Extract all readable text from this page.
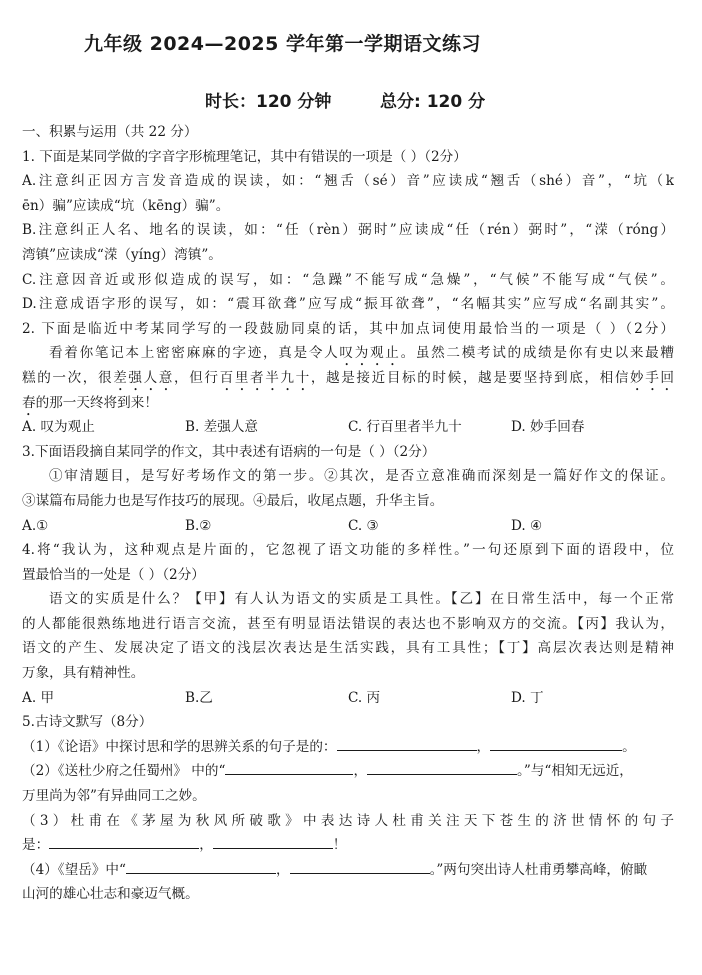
九年级 2024—2025 学年第一学期语文练习
时长：120 分钟	总分: 120 分
一、积累与运用（共 22 分）
1. 下面是某同学做的字音字形梳理笔记，其中有错误的一项是（ ）（2分）
A.注意纠正因方言发音造成的误读，如：“翘舌（sé）音”应读成“翘舌（shé）音”，“坑（k
ēn）骗”应读成“坑（kēng）骗”。
B.注意纠正人名、地名的误读，如：“任（rèn）弼时”应读成“任（rén）弼时”，“溁（róng）
湾镇”应读成“溁（yíng）湾镇”。
C.注意因音近或形似造成的误写，如：“急躁”不能写成“急燥”，“气候”不能写成“气侯”。
D.注意成语字形的误写，如：“震耳欲聋”应写成“振耳欲聋”，“名幅其实”应写成“名副其实”。
2. 下面是临近中考某同学写的一段鼓励同桌的话，其中加点词使用最恰当的一项是（ ）（2分）
看着你笔记本上密密麻麻的字迹，真是令人叹为观止。虽然二模考试的成绩是你有史以来最糟
糕的一次，很差强人意，但行百里者半九十，越是接近目标的时候，越是要坚持到底，相信妙手回
春的那一天终将到来！
A. 叹为观止	B. 差强人意	C. 行百里者半九十	D. 妙手回春
3.下面语段摘自某同学的作文，其中表述有语病的一句是（ ）（2分）
①审清题目，是写好考场作文的第一步。②其次，是否立意准确而深刻是一篇好作文的保证。
③谋篇布局能力也是写作技巧的展现。④最后，收尾点题，升华主旨。
A.①	B.②	C. ③	D. ④
4.将“我认为，这种观点是片面的，它忽视了语文功能的多样性。”一句还原到下面的语段中，位
置最恰当的一处是（ ）（2分）
语文的实质是什么？【甲】有人认为语文的实质是工具性。【乙】在日常生活中，每一个正常
的人都能很熟练地进行语言交流，甚至有明显语法错误的表达也不影响双方的交流。【丙】我认为，
语文的产生、发展决定了语文的浅层次表达是生活实践，具有工具性；【丁】高层次表达则是精神
万象，具有精神性。
A. 甲	B.乙	C. 丙	D. 丁
5.古诗文默写（8分）
（1）《论语》中探讨思和学的思辨关系的句子是的：	，	。
（2）《送杜少府之任蜀州》 中的“	，	。”与“相知无远近，
万里尚为邻”有异曲同工之妙。
（3）杜甫在《茅屋为秋风所破歌》中表达诗人杜甫关注天下苍生的济世情怀的句子
是：	，	！
（4）《望岳》中“	，	。”两句突出诗人杜甫勇攀高峰，俯瞰
山河的雄心壮志和豪迈气概。
